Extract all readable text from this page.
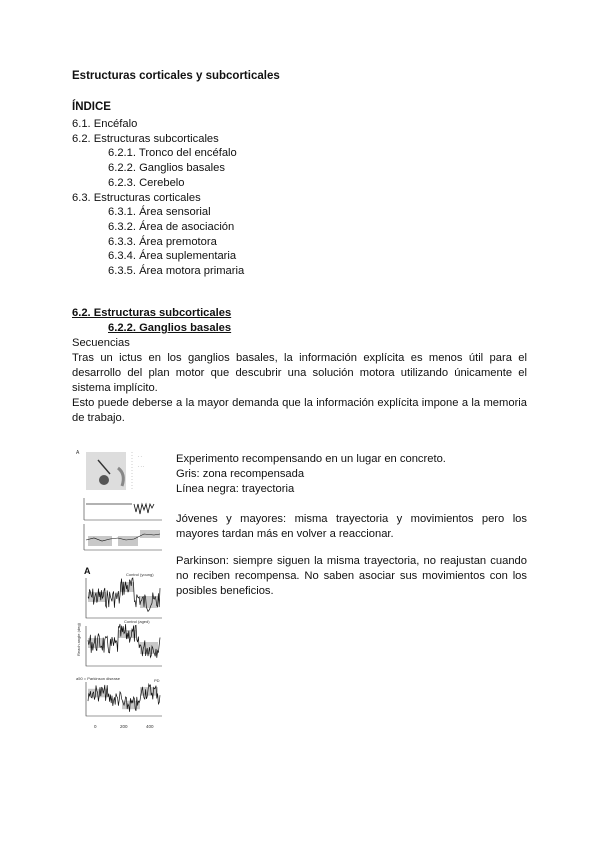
Estructuras corticales y subcorticales
ÍNDICE
6.1. Encéfalo
6.2. Estructuras subcorticales
6.2.1. Tronco del encéfalo
6.2.2. Ganglios basales
6.2.3. Cerebelo
6.3. Estructuras corticales
6.3.1. Área sensorial
6.3.2. Área de asociación
6.3.3. Área premotora
6.3.4. Área suplementaria
6.3.5. Área motora primaria
6.2. Estructuras subcorticales
6.2.2. Ganglios basales
Secuencias

Tras un ictus en los ganglios basales, la información explícita es menos útil para el desarrollo del plan motor que descubrir una solución motora utilizando únicamente el sistema implícito.

Esto puede deberse a la mayor demanda que la información explícita impone a la memoria de trabajo.

· ·
· · ·
A
A
Reach angle (deg)
a50 = Parkinson disease
Control (aged)
Control (young)
PD
0	200	400

Experimento recompensando en un lugar en concreto.
Gris: zona recompensada
Línea negra: trayectoria

Jóvenes y mayores: misma trayectoria y movimientos pero los mayores tardan más en volver a reaccionar.

Parkinson: siempre siguen la misma trayectoria, no reajustan cuando no reciben recompensa. No saben asociar sus movimientos con los posibles beneficios.
